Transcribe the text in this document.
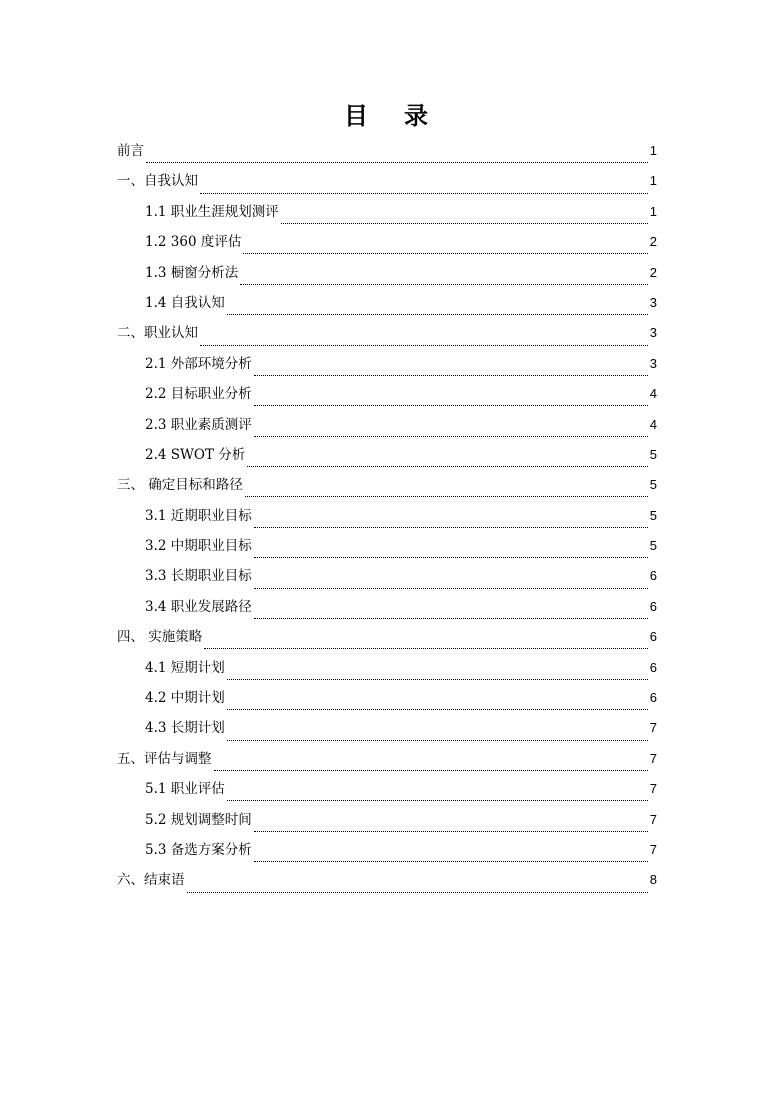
目 录
前言	1
一、自我认知	1
1.1 职业生涯规划测评	1
1.2 360 度评估	2
1.3 橱窗分析法	2
1.4 自我认知	3
二、职业认知	3
2.1 外部环境分析	3
2.2 目标职业分析	4
2.3 职业素质测评	4
2.4 SWOT 分析	5
三、 确定目标和路径	5
3.1 近期职业目标	5
3.2 中期职业目标	5
3.3 长期职业目标	6
3.4 职业发展路径	6
四、 实施策略	6
4.1 短期计划	6
4.2 中期计划	6
4.3 长期计划	7
五、评估与调整	7
5.1 职业评估	7
5.2 规划调整时间	7
5.3 备选方案分析	7
六、结束语	8
